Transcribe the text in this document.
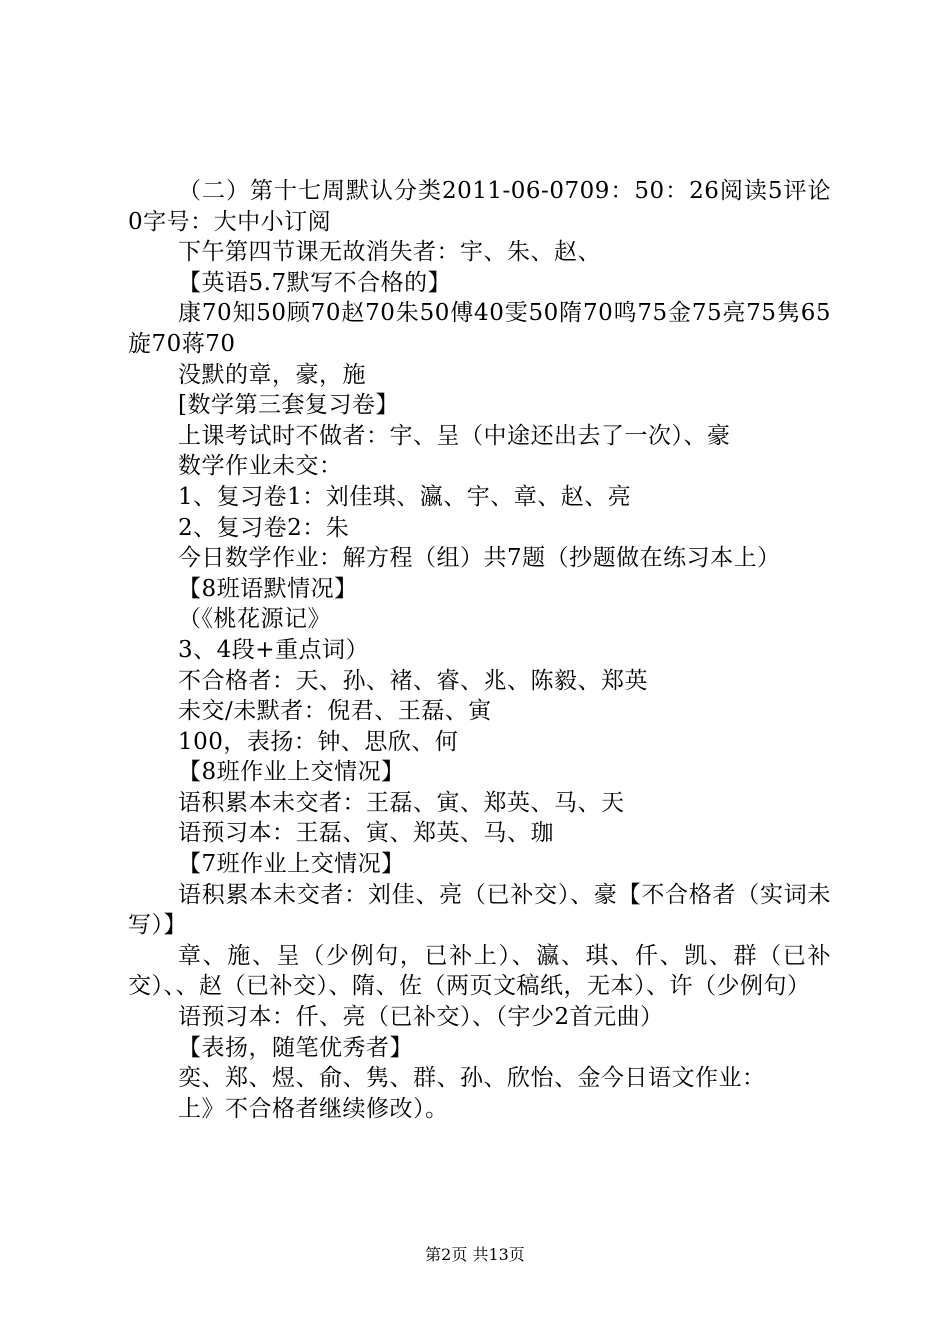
（二）第十七周默认分类2011-06-0709：50：26阅读5评论0字号：大中小订阅
下午第四节课无故消失者：宇、朱、赵、
【英语5.7默写不合格的】
康70知50顾70赵70朱50傅40雯50隋70鸣75金75亮75隽65旋70蒋70
没默的章，豪，施
[数学第三套复习卷】
上课考试时不做者：宇、呈（中途还出去了一次）、豪
数学作业未交：
1、复习卷1：刘佳琪、瀛、宇、章、赵、亮
2、复习卷2：朱
今日数学作业：解方程（组）共7题（抄题做在练习本上）
【8班语默情况】
（《桃花源记》
3、4段+重点词）
不合格者：天、孙、褚、睿、兆、陈毅、郑英
未交/未默者：倪君、王磊、寅
100，表扬：钟、思欣、何
【8班作业上交情况】
语积累本未交者：王磊、寅、郑英、马、天
语预习本：王磊、寅、郑英、马、珈
【7班作业上交情况】
语积累本未交者：刘佳、亮（已补交）、豪【不合格者（实词未写）】
章、施、呈（少例句，已补上）、瀛、琪、仟、凯、群（已补交）、、赵（已补交）、隋、佐（两页文稿纸，无本）、许（少例句）
语预习本：仟、亮（已补交）、（宇少2首元曲）
【表扬，随笔优秀者】
奕、郑、煜、俞、隽、群、孙、欣怡、金今日语文作业：
上》不合格者继续修改）。
第2页 共13页
